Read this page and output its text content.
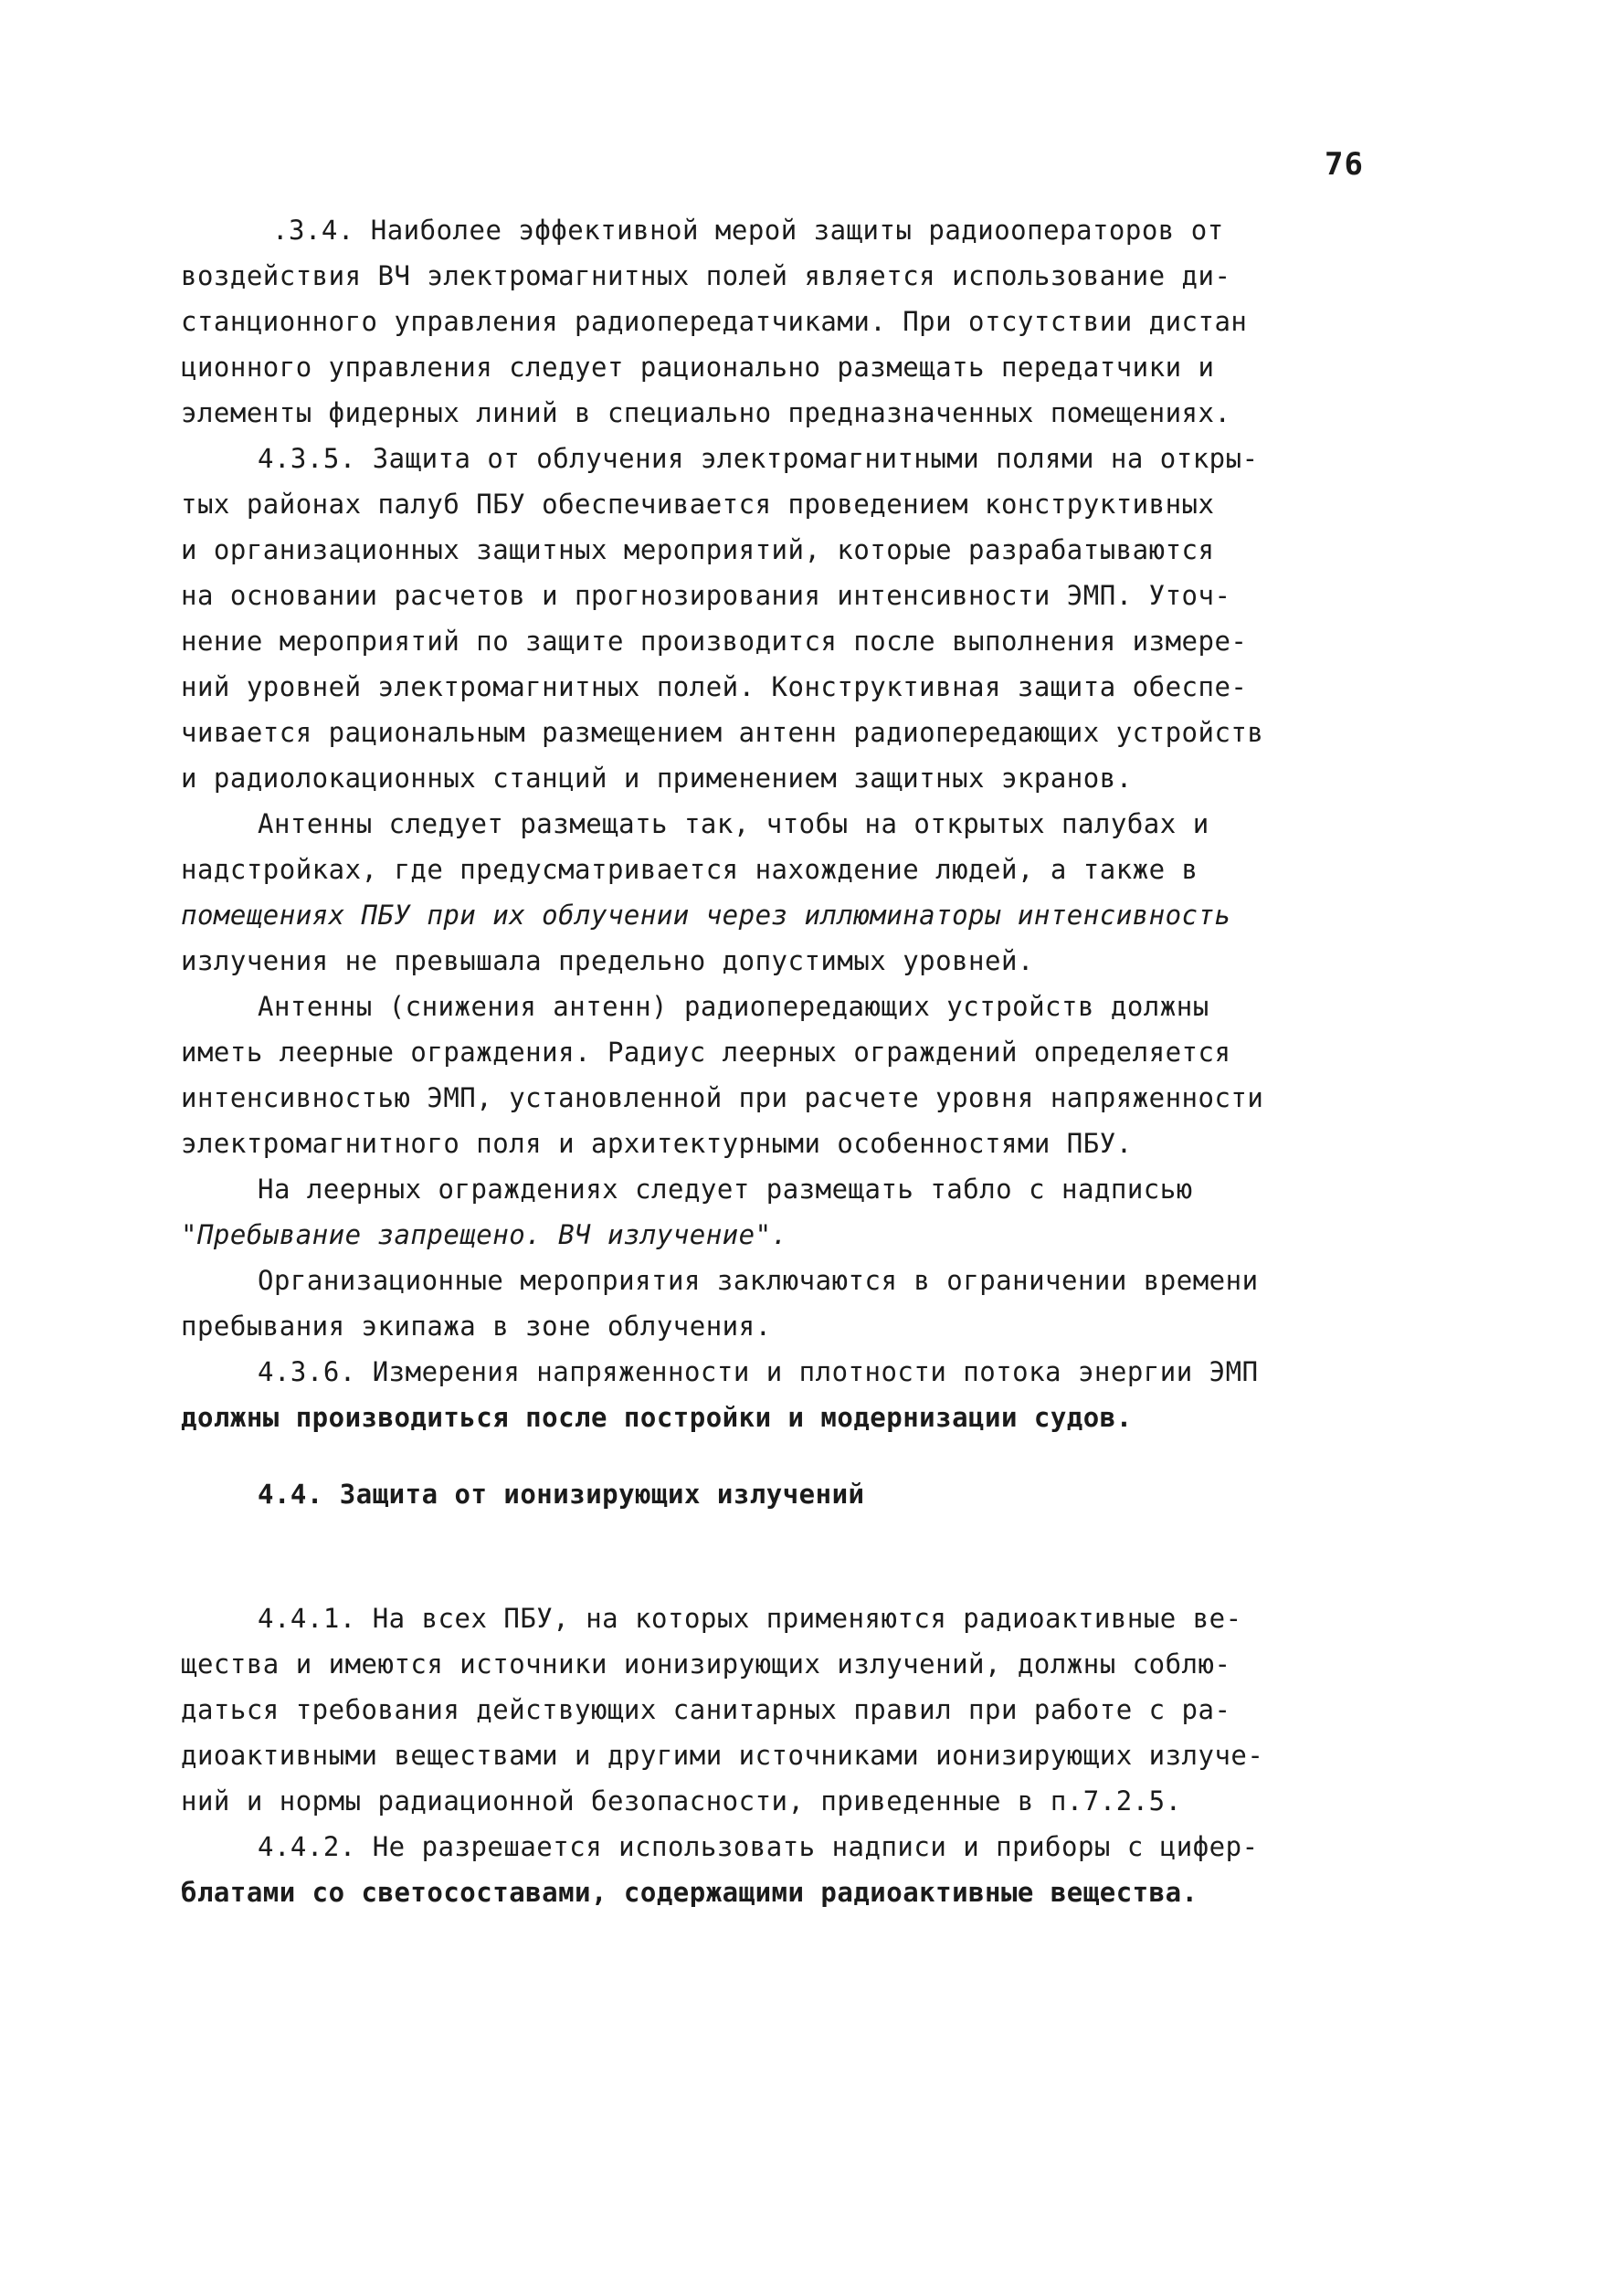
76
.3.4. Наиболее эффективной мерой защиты радиооператоров от
воздействия ВЧ электромагнитных полей является использование ди-
станционного управления радиопередатчиками. При отсутствии дистан
ционного управления следует рационально размещать передатчики и
элементы фидерных линий в специально предназначенных помещениях.
4.3.5. Защита от облучения электромагнитными полями на откры-
тых районах палуб ПБУ обеспечивается проведением конструктивных
и организационных защитных мероприятий, которые разрабатываются
на основании расчетов и прогнозирования интенсивности ЭМП. Уточ-
нение мероприятий по защите производится после выполнения измере-
ний уровней электромагнитных полей. Конструктивная защита обеспе-
чивается рациональным размещением антенн радиопередающих устройств
и радиолокационных станций и применением защитных экранов.
Антенны следует размещать так, чтобы на открытых палубах и
надстройках, где предусматривается нахождение людей, а также в
помещениях ПБУ при их облучении через иллюминаторы интенсивность
излучения не превышала предельно допустимых уровней.
Антенны (снижения антенн) радиопередающих устройств должны
иметь леерные ограждения. Радиус леерных ограждений определяется
интенсивностью ЭМП, установленной при расчете уровня напряженности
электромагнитного поля и архитектурными особенностями ПБУ.
На леерных ограждениях следует размещать табло с надписью
"Пребывание запрещено. ВЧ излучение".
Организационные мероприятия заключаются в ограничении времени
пребывания экипажа в зоне облучения.
4.3.6. Измерения напряженности и плотности потока энергии ЭМП
должны производиться после постройки и модернизации судов.
4.4. Защита от ионизирующих излучений
4.4.1. На всех ПБУ, на которых применяются радиоактивные ве-
щества и имеются источники ионизирующих излучений, должны соблю-
даться требования действующих санитарных правил при работе с ра-
диоактивными веществами и другими источниками ионизирующих излуче-
ний и нормы радиационной безопасности, приведенные в п.7.2.5.
4.4.2. Не разрешается использовать надписи и приборы с цифер-
блатами со светосоставами, содержащими радиоактивные вещества.
